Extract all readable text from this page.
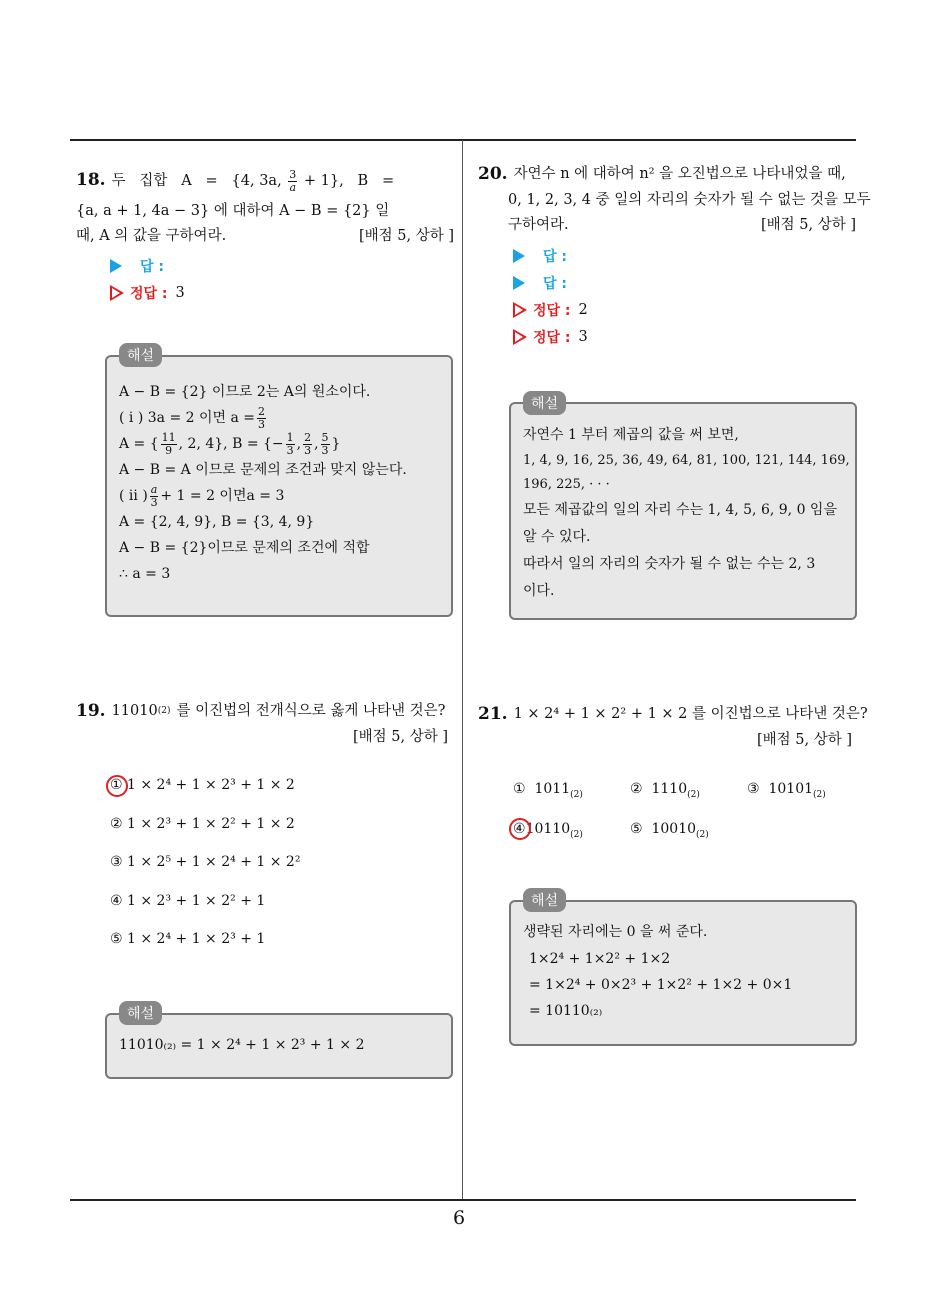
6
18. 두   집합   A   =   {4, 3a, $\frac{3}{a} + 1$},   B   =
{a, a + 1, 4a − 3} 에 대하여 A − B = {2} 일
때, A 의 값을 구하여라.	[배점 5, 상하 ]
답 :
정답 : 3
A − B = {2} 이므로 2는 A의 원소이다.
( i ) 3a = 2 이면 $a = \frac{2}{3}$
A = { $\frac{11}{9}$ , 2, 4}, B = {− $\frac{1}{3}$ , $\frac{2}{3}$ , $\frac{5}{3}$ }
A − B = A 이므로 문제의 조건과 맞지 않는다.
( ii ) $\frac{a}{3} + 1 = 2$ 이면a = 3
A = {2, 4, 9}, B = {3, 4, 9}
A − B = {2}이므로 문제의 조건에 적합
∴ a = 3
해설
19. 11010 (2) 를 이진법의 전개식으로 옳게 나타낸 것은?
[배점 5, 상하 ]
① 1 × 2⁴ + 1 × 2³ + 1 × 2
② 1 × 2³ + 1 × 2² + 1 × 2
③ 1 × 2⁵ + 1 × 2⁴ + 1 × 2²
④ 1 × 2³ + 1 × 2² + 1
⑤ 1 × 2⁴ + 1 × 2³ + 1
11010₍₂₎ = 1 × 2⁴ + 1 × 2³ + 1 × 2
해설
20. 자연수 n 에 대하여 n² 을 오진법으로 나타내었을 때,
0, 1, 2, 3, 4 중 일의 자리의 숫자가 될 수 없는 것을 모두
구하여라.	[배점 5, 상하 ]
답 :
답 :
정답 : 2
정답 : 3
자연수 1 부터 제곱의 값을 써 보면,
1, 4, 9, 16, 25, 36, 49, 64, 81, 100, 121, 144, 169,
196, 225, · · ·
모든 제곱값의 일의 자리 수는 1, 4, 5, 6, 9, 0 임을
알 수 있다.
따라서 일의 자리의 숫자가 될 수 없는 수는 2, 3
이다.
해설
21. 1 × 2⁴ + 1 × 2² + 1 × 2 를 이진법으로 나타낸 것은?
[배점 5, 상하 ]
① $1011_{(2)}$	② $1110_{(2)}$	③ $10101_{(2)}$
$④10110_{(2)}$	⑤ $10010_{(2)}$
생략된 자리에는 0 을 써 준다.
1×2⁴ + 1×2² + 1×2
= 1×2⁴ + 0×2³ + 1×2² + 1×2 + 0×1
= 10110₍₂₎
해설
